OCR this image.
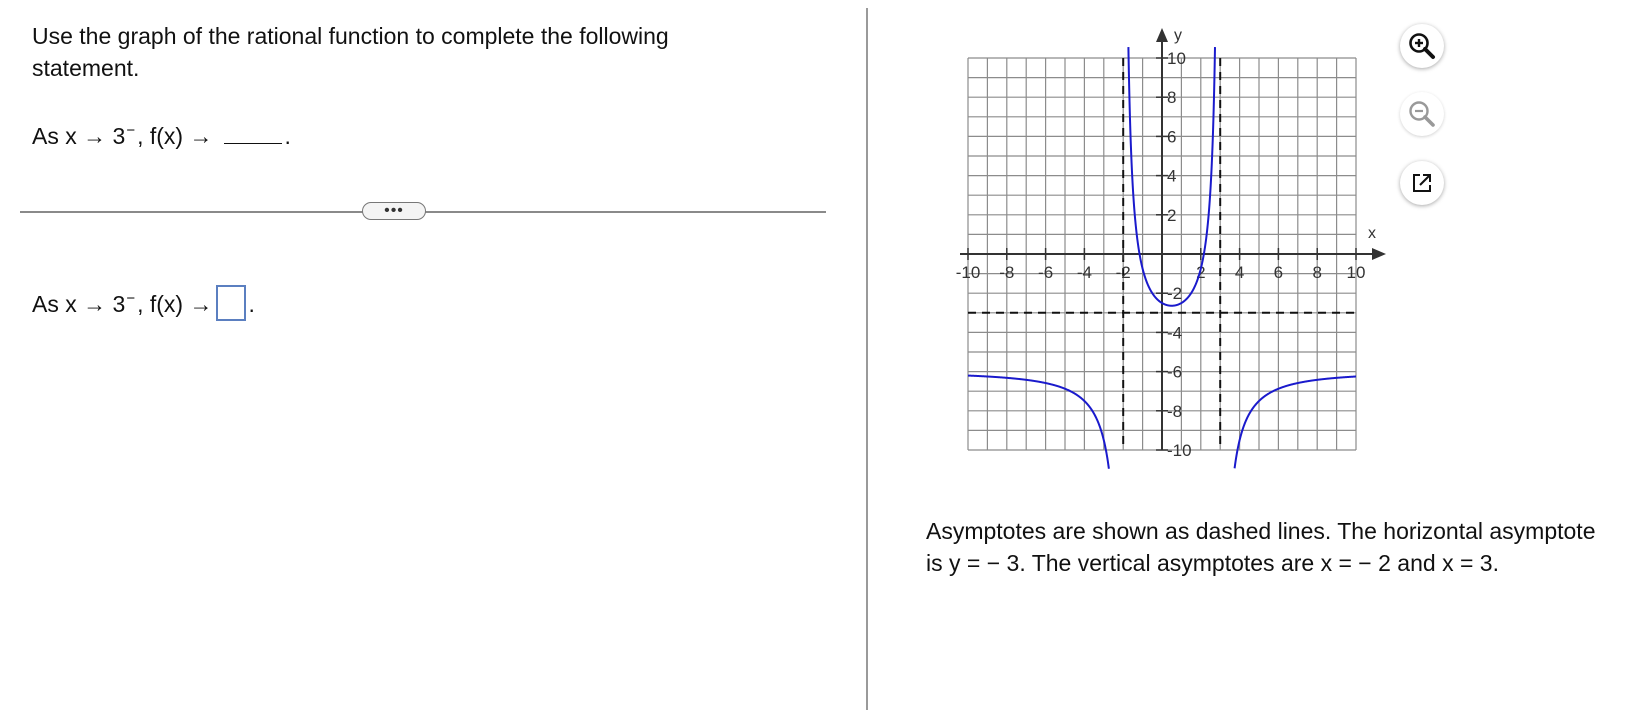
Use the graph of the rational function to complete the following statement.
As x → 3 − , f(x) →	.
•••
As x → 3 − , f(x) → .
x
y
-10 -8 -6 -4 -2	2 4 6 8 10
10
8
6
4
2
-2
-4
-6
-8
-10
Asymptotes are shown as dashed lines. The horizontal asymptote is y = − 3. The vertical asymptotes are x = − 2 and x = 3.
